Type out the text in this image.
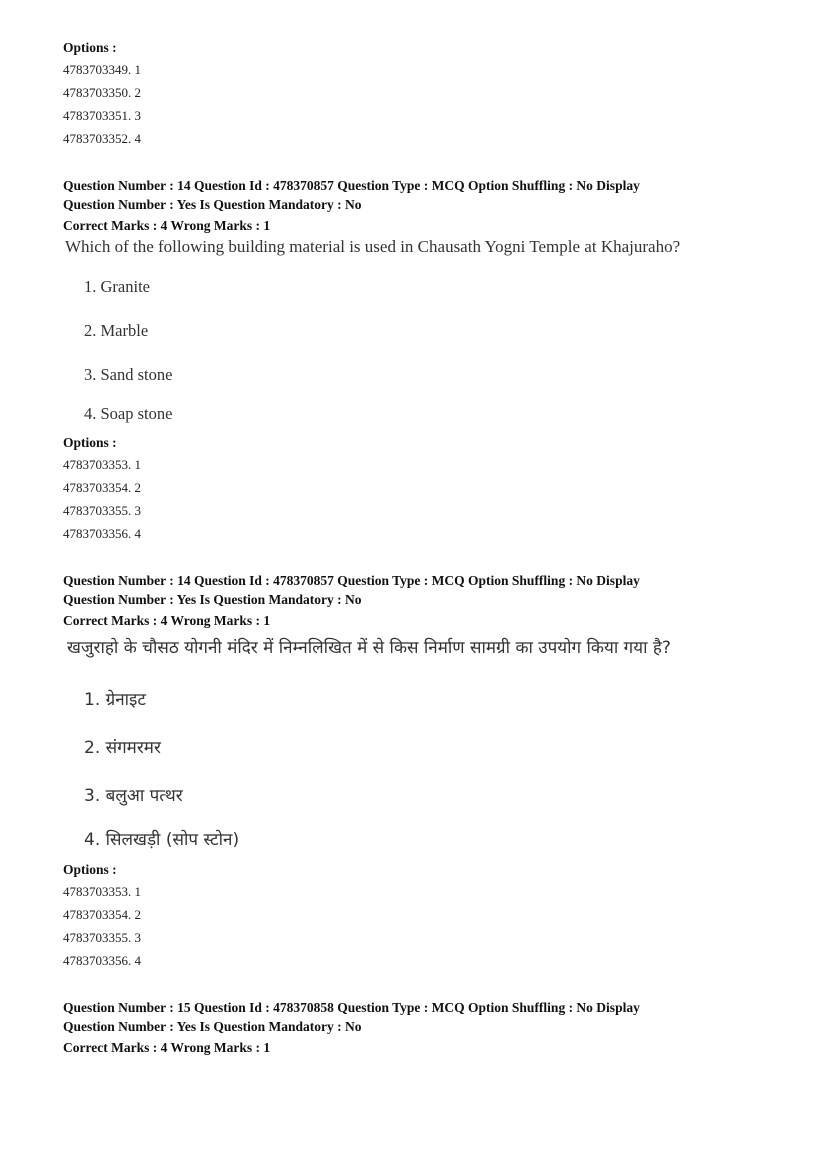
Options :
4783703349. 1
4783703350. 2
4783703351. 3
4783703352. 4
Question Number : 14 Question Id : 478370857 Question Type : MCQ Option Shuffling : No Display
Question Number : Yes Is Question Mandatory : No
Correct Marks : 4 Wrong Marks : 1
Which of the following building material is used in Chausath Yogni Temple at Khajuraho?
1. Granite
2. Marble
3. Sand stone
4. Soap stone
Options :
4783703353. 1
4783703354. 2
4783703355. 3
4783703356. 4
Question Number : 14 Question Id : 478370857 Question Type : MCQ Option Shuffling : No Display
Question Number : Yes Is Question Mandatory : No
Correct Marks : 4 Wrong Marks : 1
खजुराहो के चौसठ योगनी मंदिर में निम्नलिखित में से किस निर्माण सामग्री का उपयोग किया गया है?
1. ग्रेनाइट
2. संगमरमर
3. बलुआ पत्थर
4. सिलखड़ी (सोप स्टोन)
Options :
4783703353. 1
4783703354. 2
4783703355. 3
4783703356. 4
Question Number : 15 Question Id : 478370858 Question Type : MCQ Option Shuffling : No Display
Question Number : Yes Is Question Mandatory : No
Correct Marks : 4 Wrong Marks : 1
